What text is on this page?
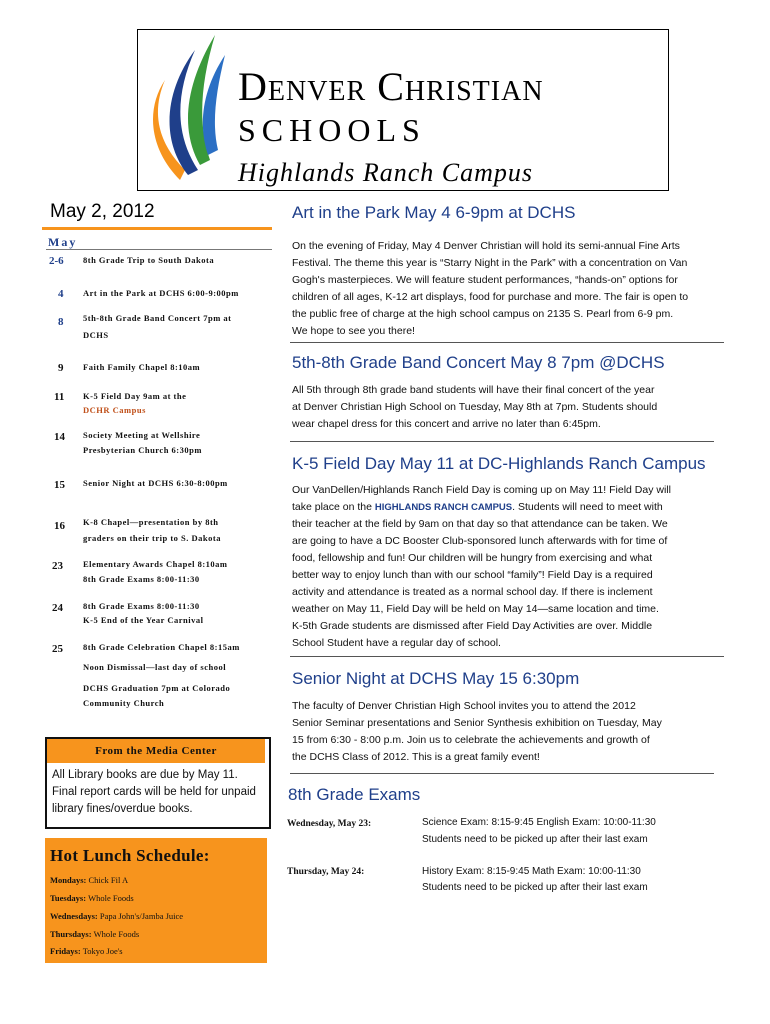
Denver Christian
SCHOOLS
Highlands Ranch Campus
May 2, 2012
May
2-6	8th Grade Trip to South Dakota
4	Art in the Park at DCHS 6:00-9:00pm
8	5th-8th Grade Band Concert 7pm at
DCHS
9	Faith Family Chapel 8:10am
11	K-5 Field Day 9am at the
DCHR Campus
14	Society Meeting at Wellshire
Presbyterian Church 6:30pm
15	Senior Night at DCHS 6:30-8:00pm
16	K-8 Chapel—presentation by 8th
graders on their trip to S. Dakota
23	Elementary Awards Chapel 8:10am
8th Grade Exams 8:00-11:30
24	8th Grade Exams 8:00-11:30
K-5 End of the Year Carnival
25	8th Grade Celebration Chapel 8:15am
Noon Dismissal—last day of school
DCHS Graduation 7pm at Colorado
Community Church
From the Media Center
All Library books are due by May 11. Final report cards will be held for unpaid library fines/overdue books.
Hot Lunch Schedule:
Mondays: Chick Fil A
Tuesdays: Whole Foods
Wednesdays: Papa John's/Jamba Juice
Thursdays: Whole Foods
Fridays: Tokyo Joe's
Art in the Park May 4 6-9pm at DCHS
On the evening of Friday, May 4 Denver Christian will hold its semi-annual Fine Arts
Festival. The theme this year is “Starry Night in the Park” with a concentration on Van
Gogh's masterpieces. We will feature student performances, “hands-on” options for
children of all ages, K-12 art displays, food for purchase and more. The fair is open to
the public free of charge at the high school campus on 2135 S. Pearl from 6-9 pm.
We hope to see you there!
5th-8th Grade Band Concert May 8 7pm @DCHS
All 5th through 8th grade band students will have their final concert of the year
at Denver Christian High School on Tuesday, May 8th at 7pm. Students should
wear chapel dress for this concert and arrive no later than 6:45pm.
K-5 Field Day May 11 at DC-Highlands Ranch Campus
Our VanDellen/Highlands Ranch Field Day is coming up on May 11! Field Day will
take place on the HIGHLANDS RANCH CAMPUS. Students will need to meet with
their teacher at the field by 9am on that day so that attendance can be taken. We
are going to have a DC Booster Club-sponsored lunch afterwards with for time of
food, fellowship and fun! Our children will be hungry from exercising and what
better way to enjoy lunch than with our school “family”! Field Day is a required
activity and attendance is treated as a normal school day. If there is inclement
weather on May 11, Field Day will be held on May 14—same location and time.
K-5th Grade students are dismissed after Field Day Activities are over. Middle
School Student have a regular day of school.
Senior Night at DCHS May 15 6:30pm
The faculty of Denver Christian High School invites you to attend the 2012
Senior Seminar presentations and Senior Synthesis exhibition on Tuesday, May
15 from 6:30 - 8:00 p.m. Join us to celebrate the achievements and growth of
the DCHS Class of 2012. This is a great family event!
8th Grade Exams
Wednesday, May 23:	Science Exam: 8:15-9:45 English Exam: 10:00-11:30
Students need to be picked up after their last exam
Thursday, May 24:	History Exam: 8:15-9:45 Math Exam: 10:00-11:30
Students need to be picked up after their last exam
